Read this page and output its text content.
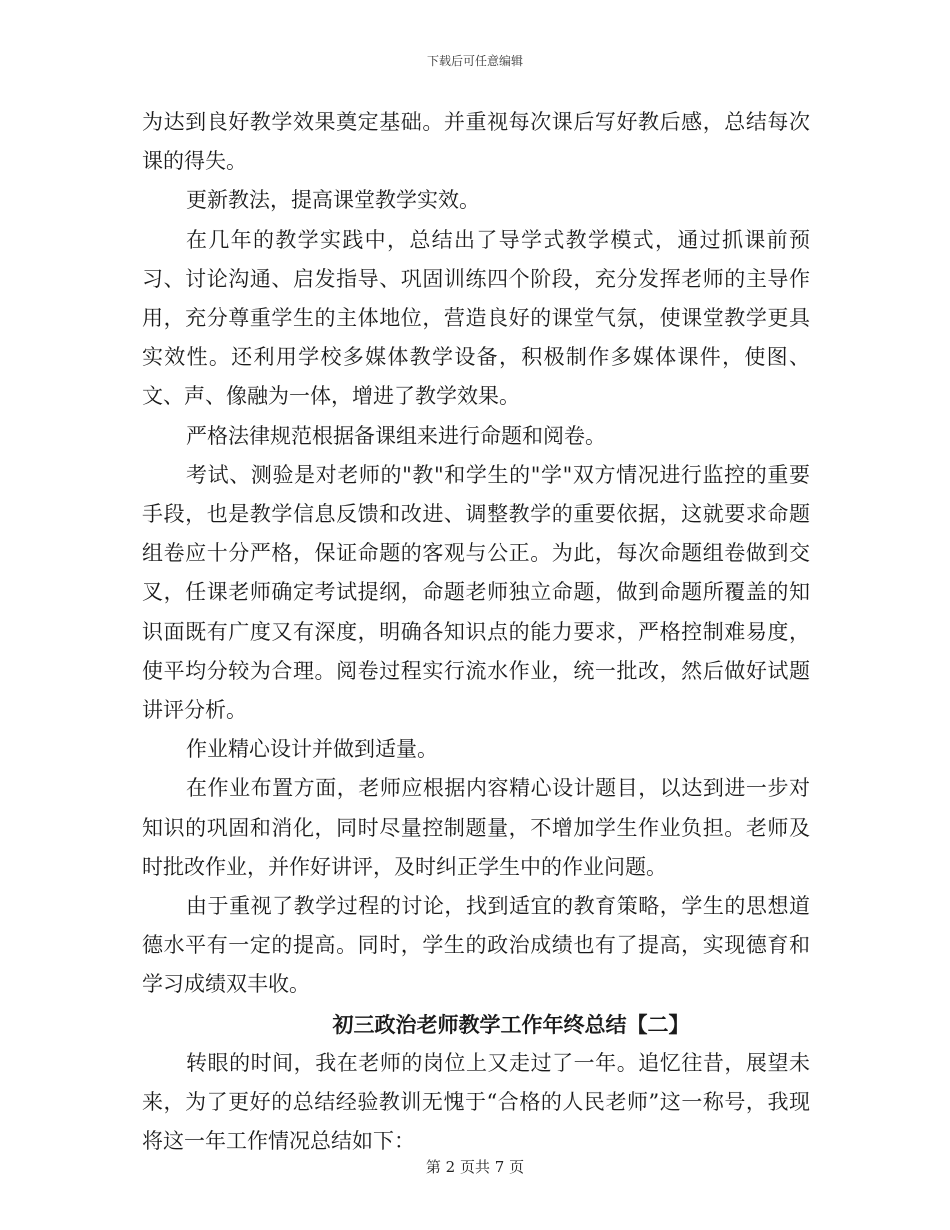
下载后可任意编辑

为达到良好教学效果奠定基础。并重视每次课后写好教后感，总结每次课的得失。

更新教法，提高课堂教学实效。

在几年的教学实践中，总结出了导学式教学模式，通过抓课前预习、讨论沟通、启发指导、巩固训练四个阶段，充分发挥老师的主导作用，充分尊重学生的主体地位，营造良好的课堂气氛，使课堂教学更具实效性。还利用学校多媒体教学设备，积极制作多媒体课件，使图、文、声、像融为一体，增进了教学效果。

严格法律规范根据备课组来进行命题和阅卷。

考试、测验是对老师的"教"和学生的"学"双方情况进行监控的重要手段，也是教学信息反馈和改进、调整教学的重要依据，这就要求命题组卷应十分严格，保证命题的客观与公正。为此，每次命题组卷做到交叉，任课老师确定考试提纲，命题老师独立命题，做到命题所覆盖的知识面既有广度又有深度，明确各知识点的能力要求，严格控制难易度，使平均分较为合理。阅卷过程实行流水作业，统一批改，然后做好试题讲评分析。

作业精心设计并做到适量。

在作业布置方面，老师应根据内容精心设计题目，以达到进一步对知识的巩固和消化，同时尽量控制题量，不增加学生作业负担。老师及时批改作业，并作好讲评，及时纠正学生中的作业问题。

由于重视了教学过程的讨论，找到适宜的教育策略，学生的思想道德水平有一定的提高。同时，学生的政治成绩也有了提高，实现德育和学习成绩双丰收。

初三政治老师教学工作年终总结【二】

转眼的时间，我在老师的岗位上又走过了一年。追忆往昔，展望未来，为了更好的总结经验教训无愧于“合格的人民老师”这一称号，我现将这一年工作情况总结如下：

第 2 页共 7 页
